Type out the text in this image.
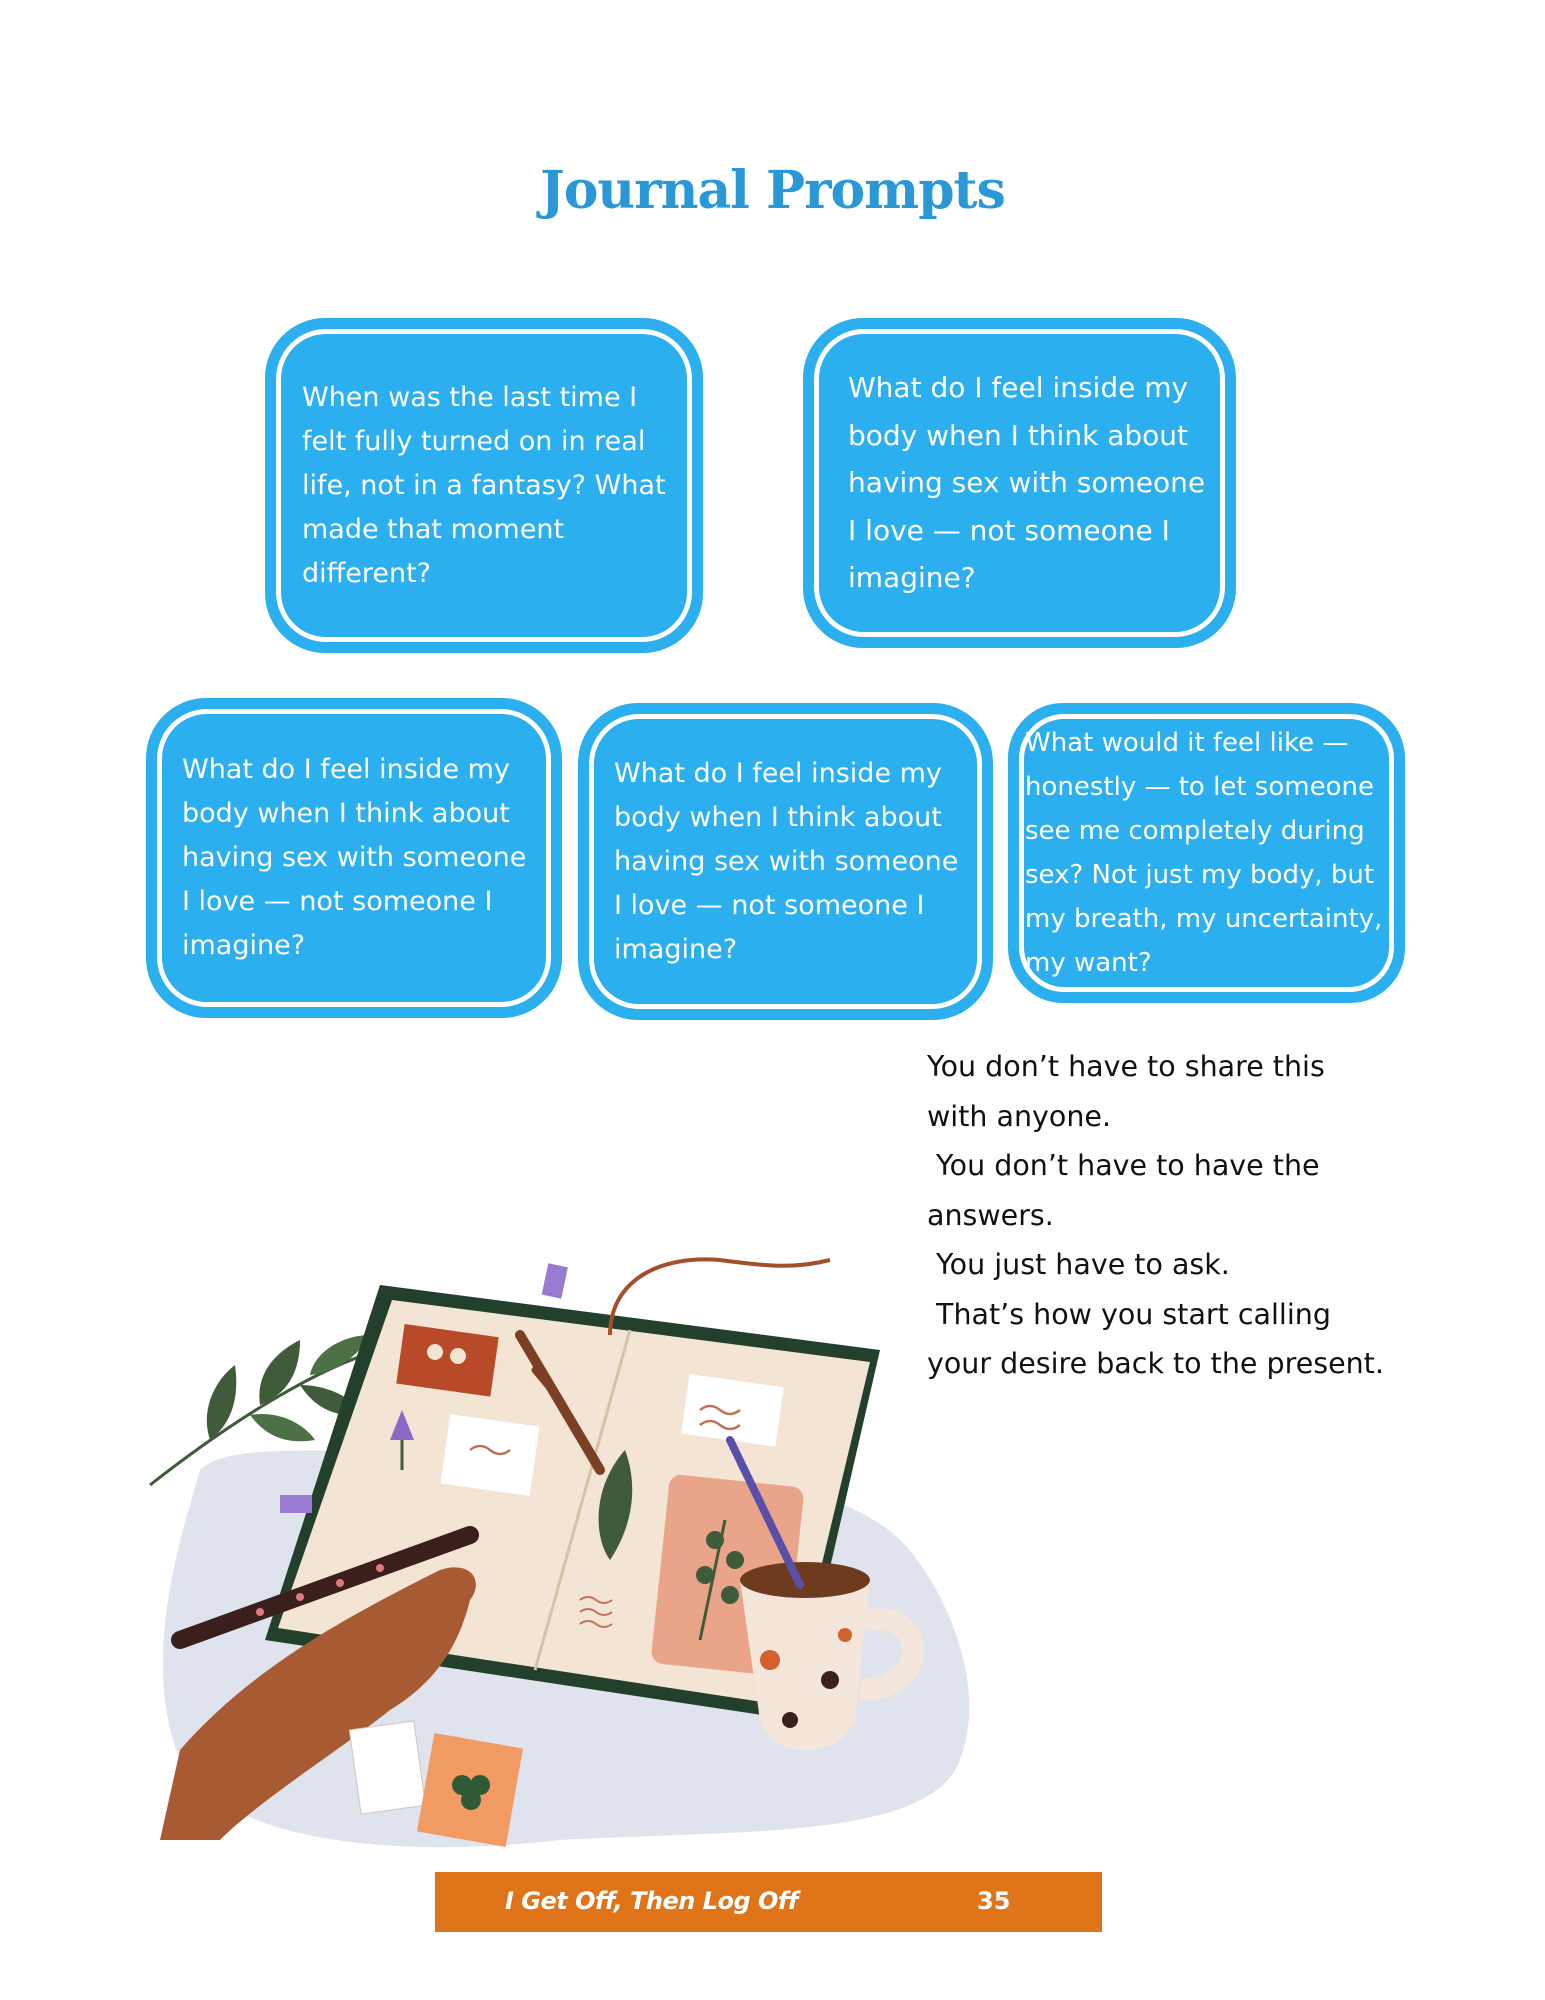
Journal Prompts

When was the last time I felt fully turned on in real life, not in a fantasy? What made that moment different?

What do I feel inside my body when I think about having sex with someone I love — not someone I imagine?

What do I feel inside my body when I think about having sex with someone I love — not someone I imagine?

What do I feel inside my body when I think about having sex with someone I love — not someone I imagine?

What would it feel like — honestly — to let someone see me completely during sex? Not just my body, but my breath, my uncertainty, my want?

You don’t have to share this
with anyone.
You don’t have to have the
answers.
You just have to ask.
That’s how you start calling
your desire back to the present.
I Get Off, Then Log Off	35
